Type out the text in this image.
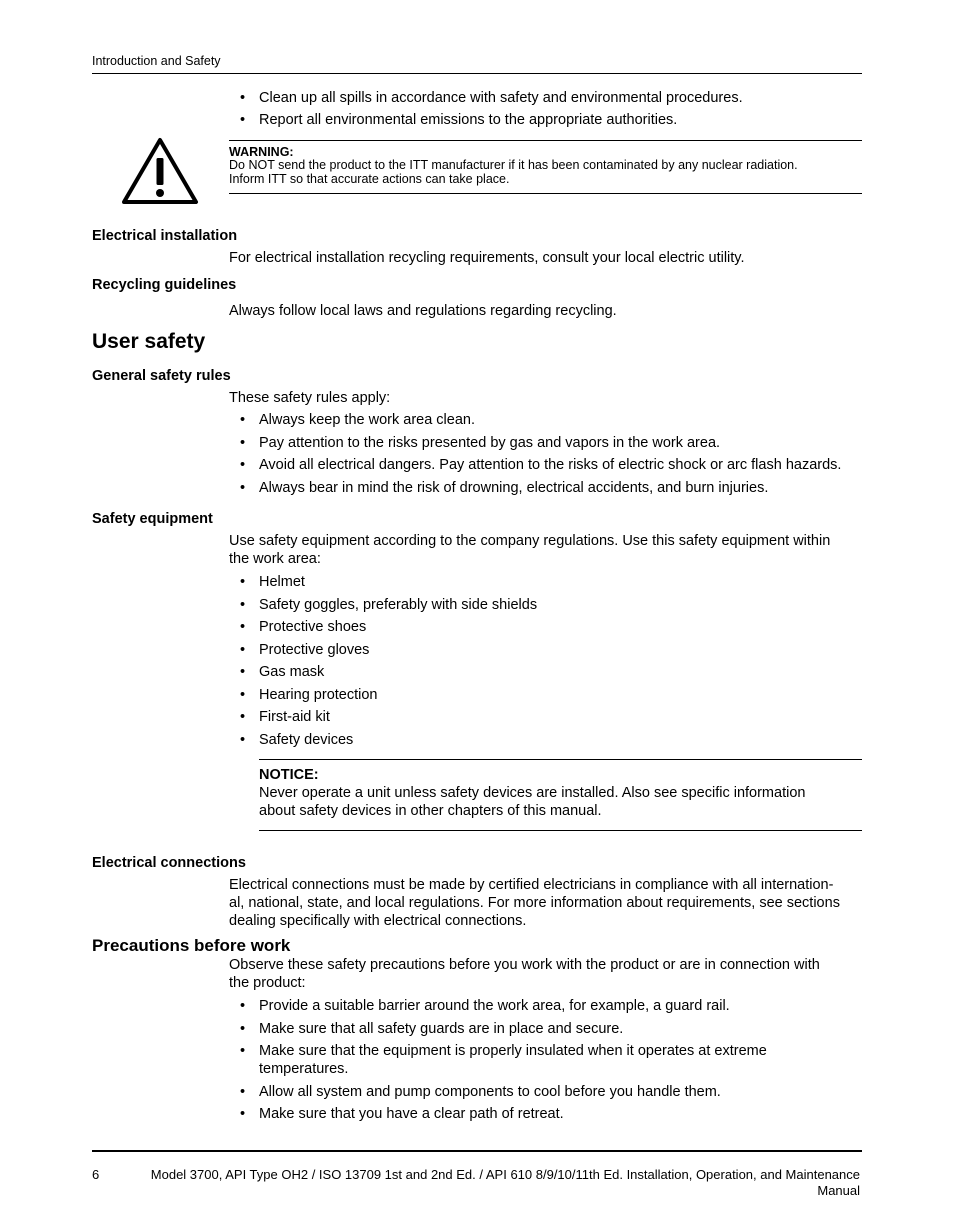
Introduction and Safety
• Clean up all spills in accordance with safety and environmental procedures.
• Report all environmental emissions to the appropriate authorities.
WARNING:
Do NOT send the product to the ITT manufacturer if it has been contaminated by any nuclear radiation.
Inform ITT so that accurate actions can take place.
Electrical installation
For electrical installation recycling requirements, consult your local electric utility.
Recycling guidelines
Always follow local laws and regulations regarding recycling.
User safety
General safety rules
These safety rules apply:
• Always keep the work area clean.
• Pay attention to the risks presented by gas and vapors in the work area.
• Avoid all electrical dangers. Pay attention to the risks of electric shock or arc flash hazards.
• Always bear in mind the risk of drowning, electrical accidents, and burn injuries.
Safety equipment
Use safety equipment according to the company regulations. Use this safety equipment within
the work area:
• Helmet
• Safety goggles, preferably with side shields
• Protective shoes
• Protective gloves
• Gas mask
• Hearing protection
• First-aid kit
• Safety devices
NOTICE:
Never operate a unit unless safety devices are installed. Also see specific information
about safety devices in other chapters of this manual.
Electrical connections
Electrical connections must be made by certified electricians in compliance with all internation-
al, national, state, and local regulations. For more information about requirements, see sections
dealing specifically with electrical connections.
Precautions before work
Observe these safety precautions before you work with the product or are in connection with
the product:
• Provide a suitable barrier around the work area, for example, a guard rail.
• Make sure that all safety guards are in place and secure.
• Make sure that the equipment is properly insulated when it operates at extreme temperatures.
• Allow all system and pump components to cool before you handle them.
• Make sure that you have a clear path of retreat.
6	Model 3700, API Type OH2 / ISO 13709 1st and 2nd Ed. / API 610 8/9/10/11th Ed. Installation, Operation, and Maintenance
Manual
